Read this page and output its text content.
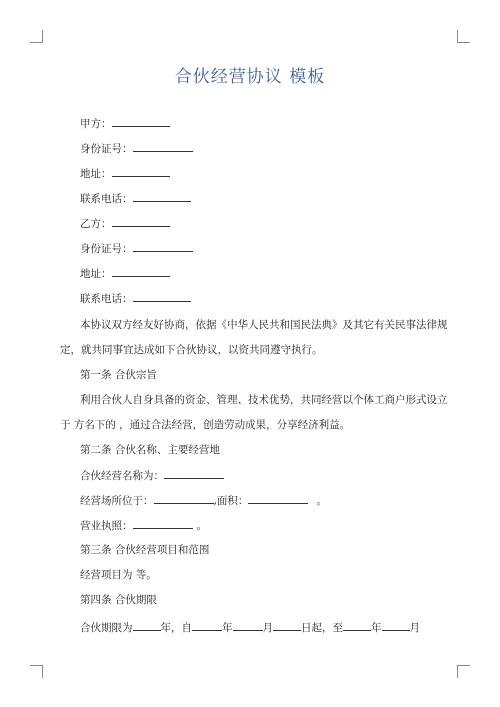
合伙经营协议 模板
甲方：
身份证号：
地址：
联系电话：
乙方：
身份证号：
地址：
联系电话：
本协议双方经友好协商，依据《中华人民共和国民法典》及其它有关民事法律规
定，就共同事宜达成如下合伙协议，以资共同遵守执行。
第一条 合伙宗旨
利用合伙人自身具备的资金、管理、技术优势，共同经营以个体工商户形式设立
于 方名下的 ，通过合法经营，创造劳动成果，分享经济利益。
第二条 合伙名称、主要经营地
合伙经营名称为：
经营场所位于：	,面积：	。
营业执照：	。
第三条 合伙经营项目和范围
经营项目为 等。
第四条 合伙期限
合伙期限为	年，自	年	月	日起，至	年	月
